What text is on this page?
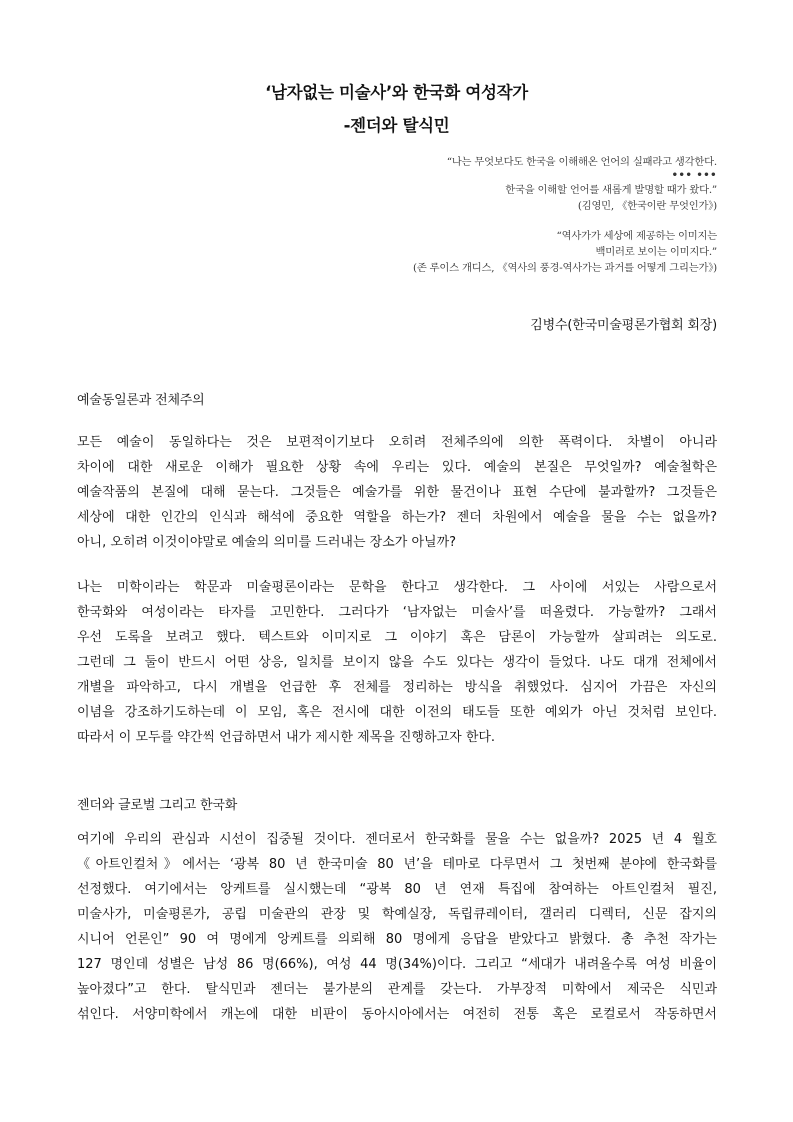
‘남자없는 미술사’와 한국화 여성작가
-젠더와 탈식민
“나는 무엇보다도 한국을 이해해온 언어의 실패라고 생각한다.
••• •••
한국을 이해할 언어를 새롭게 발명할 때가 왔다.”
(김영민, 《한국이란 무엇인가》)
“역사가가 세상에 제공하는 이미지는
백미러로 보이는 이미지다.”
(존 루이스 개디스, 《역사의 풍경-역사가는 과거를 어떻게 그리는가》)
김병수(한국미술평론가협회 회장)
예술동일론과 전체주의
모든 예술이 동일하다는 것은 보편적이기보다 오히려 전체주의에 의한 폭력이다. 차별이 아니라
차이에 대한 새로운 이해가 필요한 상황 속에 우리는 있다. 예술의 본질은 무엇일까? 예술철학은
예술작품의 본질에 대해 묻는다. 그것들은 예술가를 위한 물건이나 표현 수단에 불과할까? 그것들은
세상에 대한 인간의 인식과 해석에 중요한 역할을 하는가? 젠더 차원에서 예술을 물을 수는 없을까?
아니, 오히려 이것이야말로 예술의 의미를 드러내는 장소가 아닐까?
나는 미학이라는 학문과 미술평론이라는 문학을 한다고 생각한다. 그 사이에 서있는 사람으로서
한국화와 여성이라는 타자를 고민한다. 그러다가 ‘남자없는 미술사’를 떠올렸다. 가능할까? 그래서
우선 도록을 보려고 했다. 텍스트와 이미지로 그 이야기 혹은 담론이 가능할까 살피려는 의도로.
그런데 그 둘이 반드시 어떤 상응, 일치를 보이지 않을 수도 있다는 생각이 들었다. 나도 대개 전체에서
개별을 파악하고, 다시 개별을 언급한 후 전체를 정리하는 방식을 취했었다. 심지어 가끔은 자신의
이념을 강조하기도하는데 이 모임, 혹은 전시에 대한 이전의 태도들 또한 예외가 아닌 것처럼 보인다.
따라서 이 모두를 약간씩 언급하면서 내가 제시한 제목을 진행하고자 한다.
젠더와 글로벌 그리고 한국화
여기에 우리의 관심과 시선이 집중될 것이다. 젠더로서 한국화를 물을 수는 없을까? 2025 년 4 월호
《아트인컬처》에서는 ‘광복 80 년 한국미술 80 년’을 테마로 다루면서 그 첫번째 분야에 한국화를
선정했다. 여기에서는 앙케트를 실시했는데 “광복 80 년 연재 특집에 참여하는 아트인컬처 필진,
미술사가, 미술평론가, 공립 미술관의 관장 및 학예실장, 독립큐레이터, 갤러리 디렉터, 신문 잡지의
시니어 언론인” 90 여 명에게 앙케트를 의뢰해 80 명에게 응답을 받았다고 밝혔다. 총 추천 작가는
127 명인데 성별은 남성 86 명(66%), 여성 44 명(34%)이다. 그리고 “세대가 내려올수록 여성 비율이
높아졌다”고 한다. 탈식민과 젠더는 불가분의 관계를 갖는다. 가부장적 미학에서 제국은 식민과
섞인다. 서양미학에서 캐논에 대한 비판이 동아시아에서는 여전히 전통 혹은 로컬로서 작동하면서
